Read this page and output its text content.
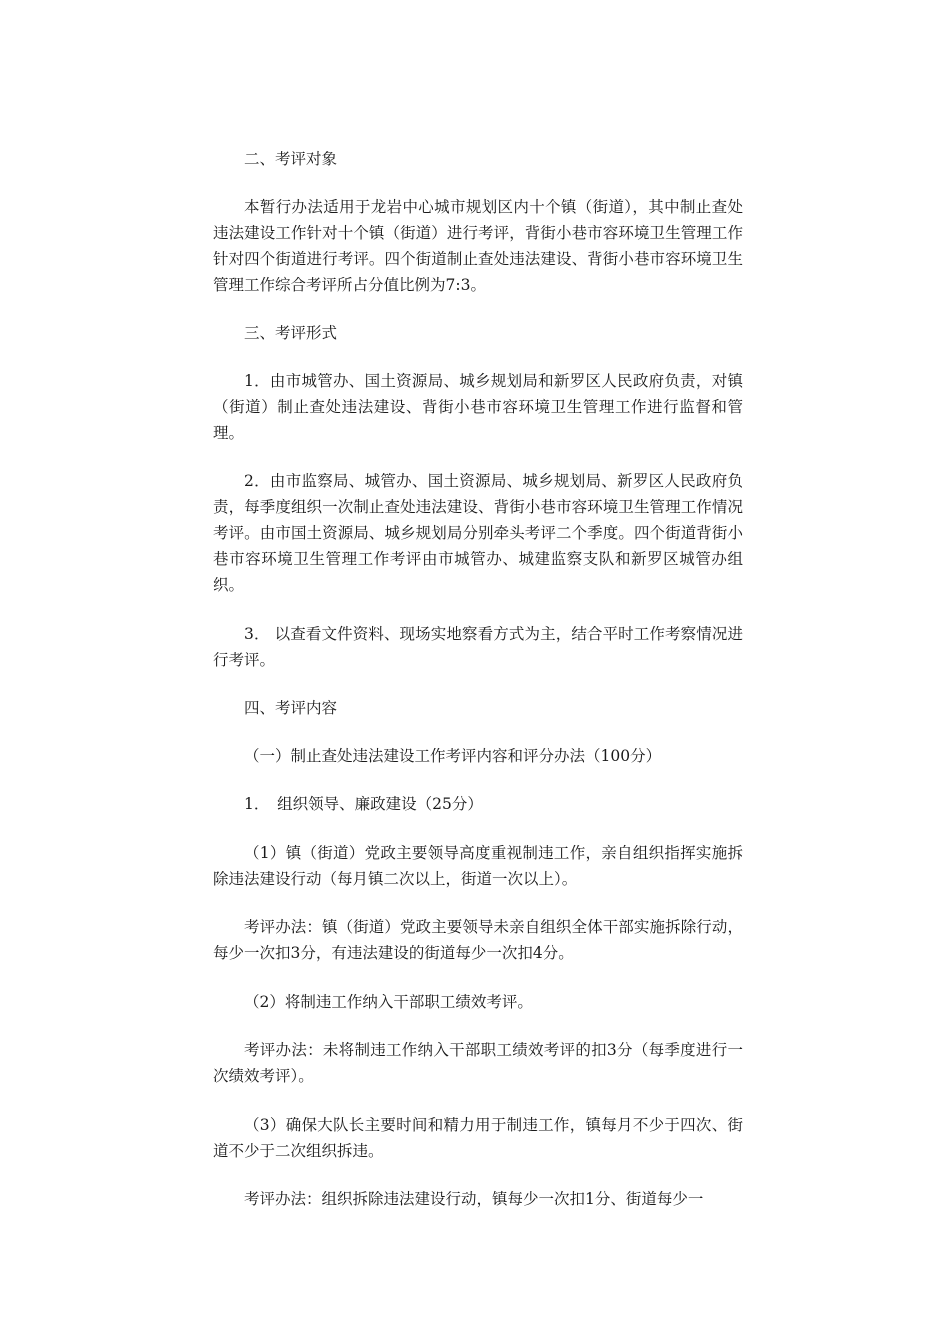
二、考评对象

本暂行办法适用于龙岩中心城市规划区内十个镇（街道），其中制止查处违法建设工作针对十个镇（街道）进行考评，背街小巷市容环境卫生管理工作针对四个街道进行考评。四个街道制止查处违法建设、背街小巷市容环境卫生管理工作综合考评所占分值比例为7:3。

三、考评形式

1．由市城管办、国土资源局、城乡规划局和新罗区人民政府负责，对镇（街道）制止查处违法建设、背街小巷市容环境卫生管理工作进行监督和管理。

2．由市监察局、城管办、国土资源局、城乡规划局、新罗区人民政府负责，每季度组织一次制止查处违法建设、背街小巷市容环境卫生管理工作情况考评。由市国土资源局、城乡规划局分别牵头考评二个季度。四个街道背街小巷市容环境卫生管理工作考评由市城管办、城建监察支队和新罗区城管办组织。

3． 以查看文件资料、现场实地察看方式为主，结合平时工作考察情况进行考评。

四、考评内容

（一）制止查处违法建设工作考评内容和评分办法（100分）

1．　组织领导、廉政建设（25分）

（1）镇（街道）党政主要领导高度重视制违工作，亲自组织指挥实施拆除违法建设行动（每月镇二次以上，街道一次以上）。

考评办法：镇（街道）党政主要领导未亲自组织全体干部实施拆除行动，每少一次扣3分，有违法建设的街道每少一次扣4分。

（2）将制违工作纳入干部职工绩效考评。

考评办法：未将制违工作纳入干部职工绩效考评的扣3分（每季度进行一次绩效考评）。

（3）确保大队长主要时间和精力用于制违工作，镇每月不少于四次、街道不少于二次组织拆违。

考评办法：组织拆除违法建设行动，镇每少一次扣1分、街道每少一
